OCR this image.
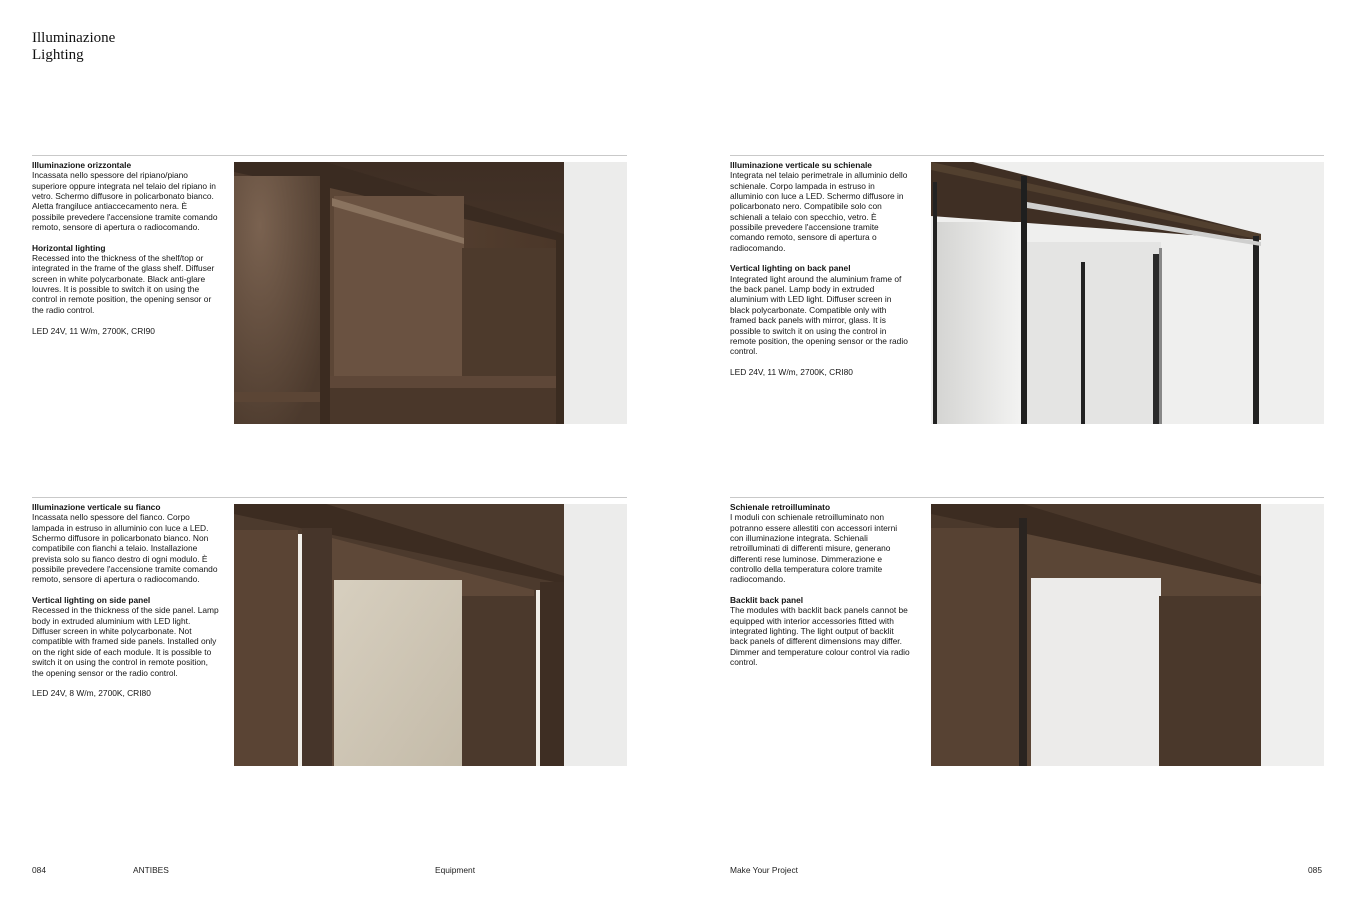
Illuminazione
Lighting
Illuminazione orizzontale

Incassata nello spessore del ripiano/piano superiore oppure integrata nel telaio del ripiano in vetro. Schermo diffusore in policarbonato bianco. Aletta frangiluce antiaccecamento nera. È possibile prevedere l'accensione tramite comando remoto, sensore di apertura o radiocomando.

Horizontal lighting

Recessed into the thickness of the shelf/top or integrated in the frame of the glass shelf. Diffuser screen in white polycarbonate. Black anti-glare louvres. It is possible to switch it on using the control in remote position, the opening sensor or the radio control.

LED 24V, 11 W/m, 2700K, CRI90

Illuminazione verticale su schienale

Integrata nel telaio perimetrale in alluminio dello schienale. Corpo lampada in estruso in alluminio con luce a LED. Schermo diffusore in policarbonato nero. Compatibile solo con schienali a telaio con specchio, vetro. È possibile prevedere l'accensione tramite comando remoto, sensore di apertura o radiocomando.

Vertical lighting on back panel

Integrated light around the aluminium frame of the back panel. Lamp body in extruded aluminium with LED light. Diffuser screen in black polycarbonate. Compatible only with framed back panels with mirror, glass. It is possible to switch it on using the control in remote position, the opening sensor or the radio control.

LED 24V, 11 W/m, 2700K, CRI80

Illuminazione verticale su fianco

Incassata nello spessore del fianco. Corpo lampada in estruso in alluminio con luce a LED. Schermo diffusore in policarbonato bianco. Non compatibile con fianchi a telaio. Installazione prevista solo su fianco destro di ogni modulo. È possibile prevedere l'accensione tramite comando remoto, sensore di apertura o radiocomando.

Vertical lighting on side panel

Recessed in the thickness of the side panel. Lamp body in extruded aluminium with LED light. Diffuser screen in white polycarbonate. Not compatible with framed side panels. Installed only on the right side of each module. It is possible to switch it on using the control in remote position, the opening sensor or the radio control.

LED 24V, 8 W/m, 2700K, CRI80

Schienale retroilluminato

I moduli con schienale retroilluminato non potranno essere allestiti con accessori interni con illuminazione integrata. Schienali retroilluminati di differenti misure, generano differenti rese luminose. Dimmerazione e controllo della temperatura colore tramite radiocomando.

Backlit back panel

The modules with backlit back panels cannot be equipped with interior accessories fitted with integrated lighting. The light output of backlit back panels of different dimensions may differ. Dimmer and temperature colour control via radio control.

084	ANTIBES	Equipment	Make Your Project	085
